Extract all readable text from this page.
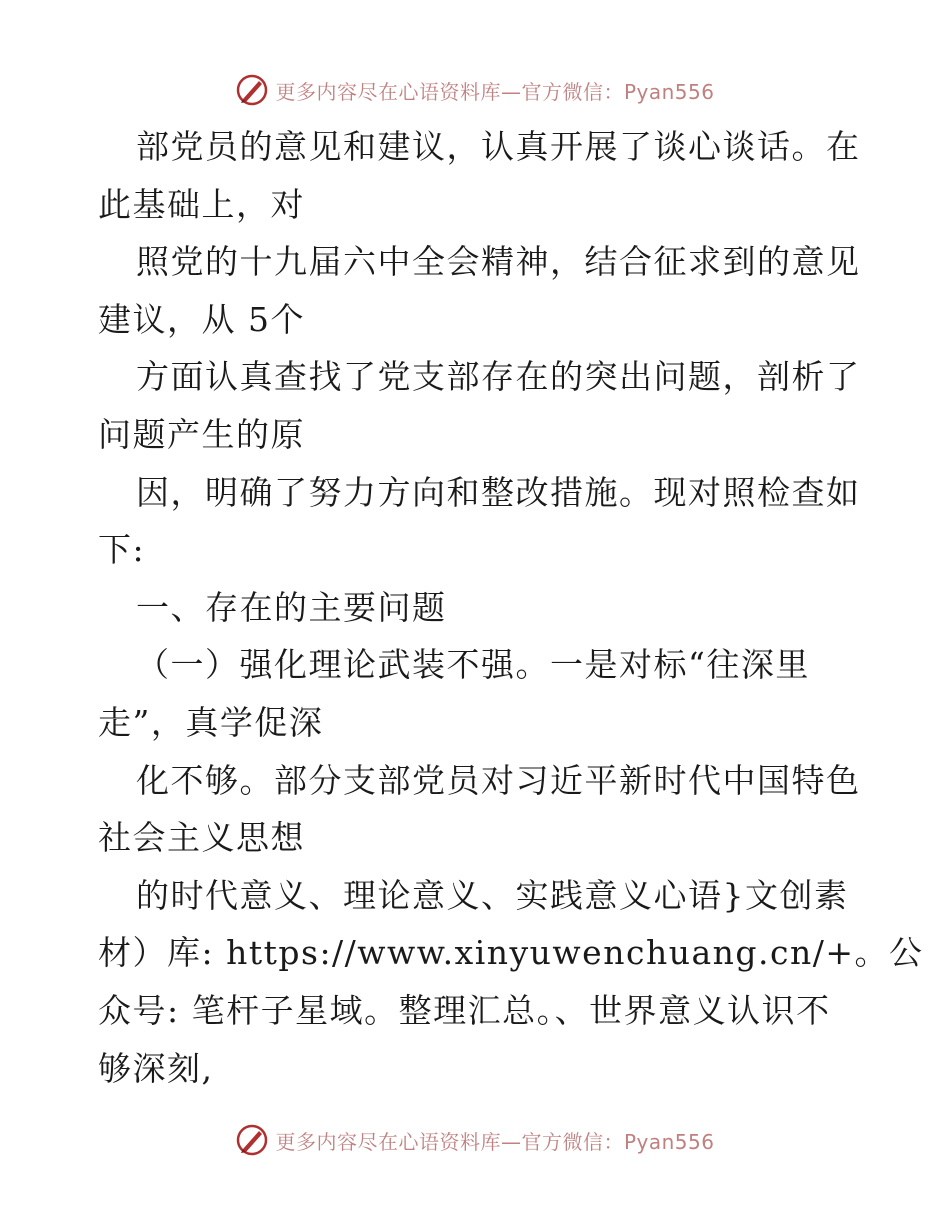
更多内容尽在心语资料库—官方微信：Pyan556
部党员的意见和建议，认真开展了谈心谈话。在
此基础上，对
照党的十九届六中全会精神，结合征求到的意见
建议，从 5个
方面认真查找了党支部存在的突出问题，剖析了
问题产生的原
因，明确了努力方向和整改措施。现对照检查如
下:
一、存在的主要问题
（一）强化理论武装不强。一是对标“往深里
走”，真学促深
化不够。部分支部党员对习近平新时代中国特色
社会主义思想
的时代意义、理论意义、实践意义心语}文创素
材）库: https://www.xinyuwenchuang.cn/+。公
众号: 笔杆子星域。整理汇总。、世界意义认识不
够深刻,
更多内容尽在心语资料库—官方微信：Pyan556
